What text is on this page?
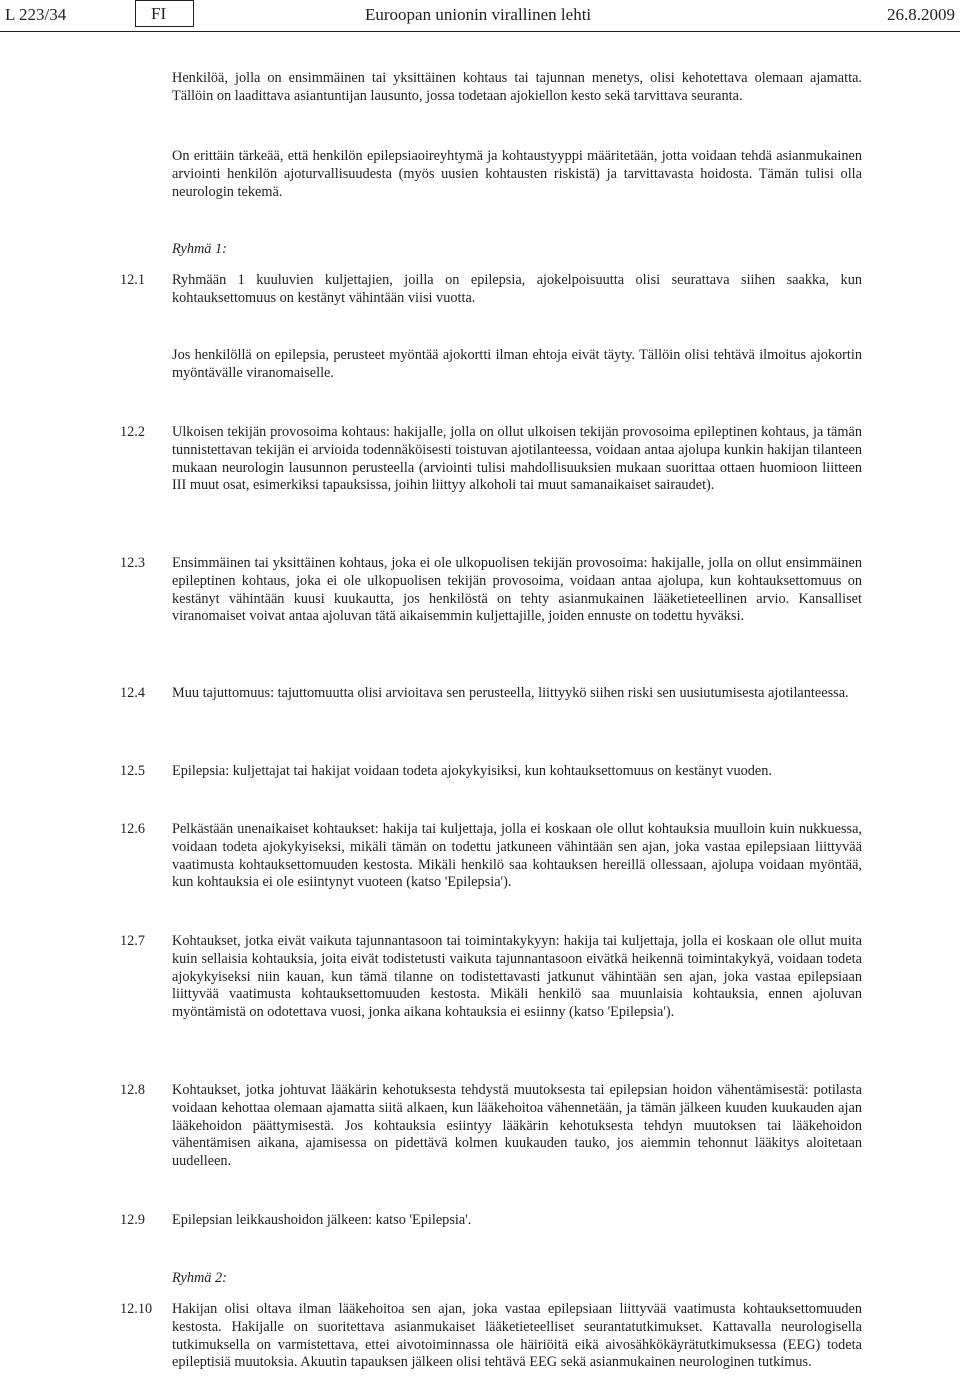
L 223/34	FI	Euroopan unionin virallinen lehti	26.8.2009
Henkilöä, jolla on ensimmäinen tai yksittäinen kohtaus tai tajunnan menetys, olisi kehotettava olemaan ajamatta. Tällöin on laadittava asiantuntijan lausunto, jossa todetaan ajokiellon kesto sekä tarvittava seuranta.
On erittäin tärkeää, että henkilön epilepsiaoireyhtymä ja kohtaustyyppi määritetään, jotta voidaan tehdä asianmukainen arviointi henkilön ajoturvallisuudesta (myös uusien kohtausten riskistä) ja tarvittavasta hoidosta. Tämän tulisi olla neurologin tekemä.
Ryhmä 1:
12.1 Ryhmään 1 kuuluvien kuljettajien, joilla on epilepsia, ajokelpoisuutta olisi seurattava siihen saakka, kun kohtauksettomuus on kestänyt vähintään viisi vuotta.
Jos henkilöllä on epilepsia, perusteet myöntää ajokortti ilman ehtoja eivät täyty. Tällöin olisi tehtävä ilmoitus ajokortin myöntävälle viranomaiselle.
12.2 Ulkoisen tekijän provosoima kohtaus: hakijalle, jolla on ollut ulkoisen tekijän provosoima epileptinen kohtaus, ja tämän tunnistettavan tekijän ei arvioida todennäköisesti toistuvan ajotilanteessa, voidaan antaa ajolupa kunkin hakijan tilanteen mukaan neurologin lausunnon perusteella (arviointi tulisi mahdollisuuksien mukaan suorittaa ottaen huomioon liitteen III muut osat, esimerkiksi tapauksissa, joihin liittyy alkoholi tai muut samanaikaiset sairaudet).
12.3 Ensimmäinen tai yksittäinen kohtaus, joka ei ole ulkopuolisen tekijän provosoima: hakijalle, jolla on ollut ensimmäinen epileptinen kohtaus, joka ei ole ulkopuolisen tekijän provosoima, voidaan antaa ajolupa, kun kohtauksettomuus on kestänyt vähintään kuusi kuukautta, jos henkilöstä on tehty asianmukainen lääketieteellinen arvio. Kansalliset viranomaiset voivat antaa ajoluvan tätä aikaisemmin kuljettajille, joiden ennuste on todettu hyväksi.
12.4 Muu tajuttomuus: tajuttomuutta olisi arvioitava sen perusteella, liittyykö siihen riski sen uusiutumisesta ajotilanteessa.
12.5 Epilepsia: kuljettajat tai hakijat voidaan todeta ajokykyisiksi, kun kohtauksettomuus on kestänyt vuoden.
12.6 Pelkästään unenaikaiset kohtaukset: hakija tai kuljettaja, jolla ei koskaan ole ollut kohtauksia muulloin kuin nukkuessa, voidaan todeta ajokykyiseksi, mikäli tämän on todettu jatkuneen vähintään sen ajan, joka vastaa epilepsiaan liittyvää vaatimusta kohtauksettomuuden kestosta. Mikäli henkilö saa kohtauksen hereillä ollessaan, ajolupa voidaan myöntää, kun kohtauksia ei ole esiintynyt vuoteen (katso 'Epilepsia').
12.7 Kohtaukset, jotka eivät vaikuta tajunnantasoon tai toimintakykyyn: hakija tai kuljettaja, jolla ei koskaan ole ollut muita kuin sellaisia kohtauksia, joita eivät todistetusti vaikuta tajunnantasoon eivätkä heikennä toimintakykyä, voidaan todeta ajokykyiseksi niin kauan, kun tämä tilanne on todistettavasti jatkunut vähintään sen ajan, joka vastaa epilepsiaan liittyvää vaatimusta kohtauksettomuuden kestosta. Mikäli henkilö saa muunlaisia kohtauksia, ennen ajoluvan myöntämistä on odotettava vuosi, jonka aikana kohtauksia ei esiinny (katso 'Epilepsia').
12.8 Kohtaukset, jotka johtuvat lääkärin kehotuksesta tehdystä muutoksesta tai epilepsian hoidon vähentämisestä: potilasta voidaan kehottaa olemaan ajamatta siitä alkaen, kun lääkehoitoa vähennetään, ja tämän jälkeen kuuden kuukauden ajan lääkehoidon päättymisestä. Jos kohtauksia esiintyy lääkärin kehotuksesta tehdyn muutoksen tai lääkehoidon vähentämisen aikana, ajamisessa on pidettävä kolmen kuukauden tauko, jos aiemmin tehonnut lääkitys aloitetaan uudelleen.
12.9 Epilepsian leikkaushoidon jälkeen: katso 'Epilepsia'.
Ryhmä 2:
12.10 Hakijan olisi oltava ilman lääkehoitoa sen ajan, joka vastaa epilepsiaan liittyvää vaatimusta kohtauksettomuuden kestosta. Hakijalle on suoritettava asianmukaiset lääketieteelliset seurantatutkimukset. Kattavalla neurologisella tutkimuksella on varmistettava, ettei aivotoiminnassa ole häiriöitä eikä aivosähkökäyrätutkimuksessa (EEG) todeta epileptisiä muutoksia. Akuutin tapauksen jälkeen olisi tehtävä EEG sekä asianmukainen neurologinen tutkimus.
